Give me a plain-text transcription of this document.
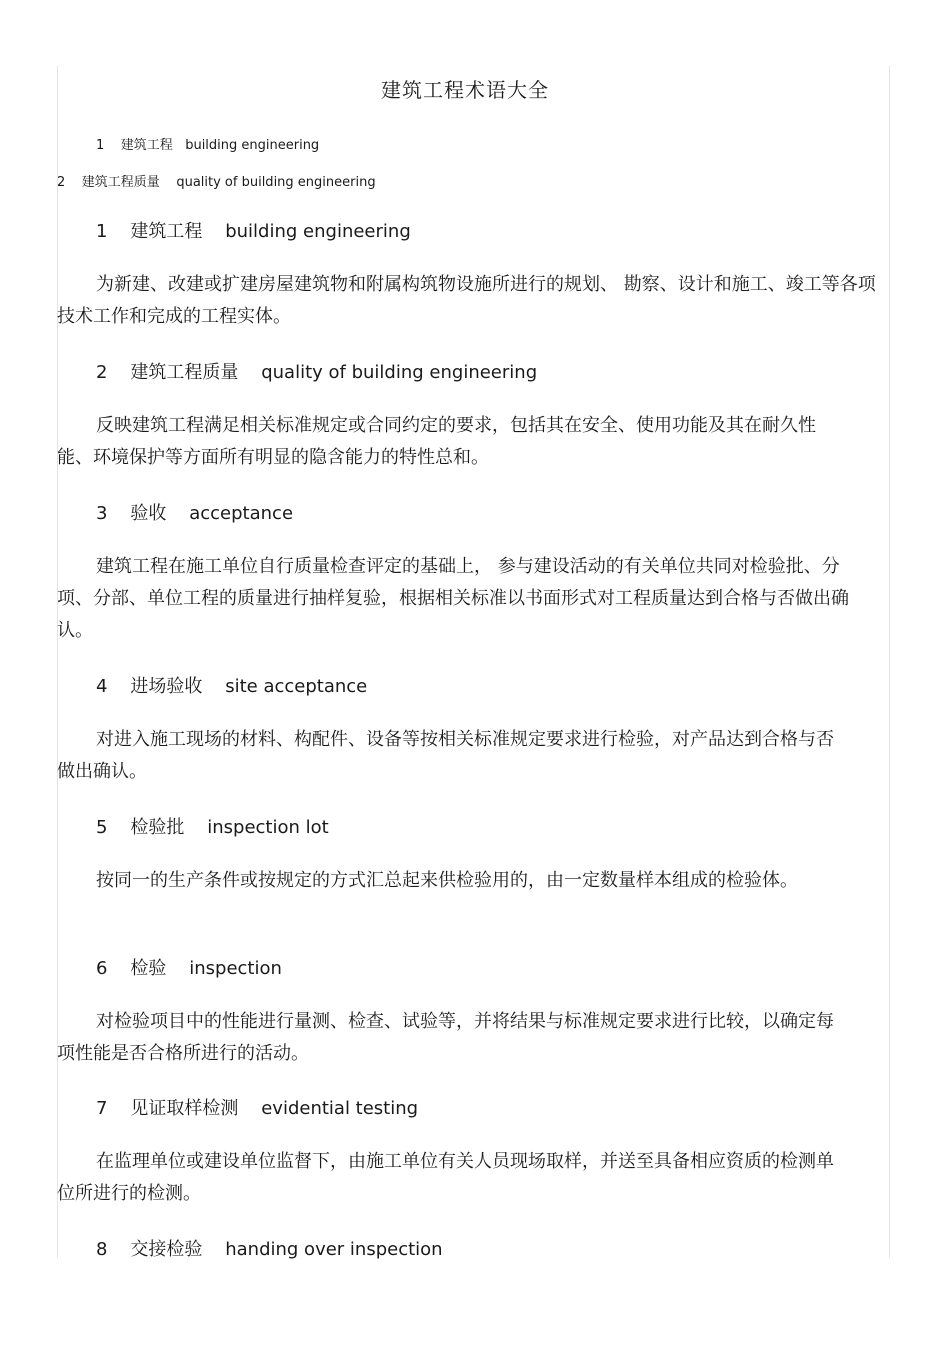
建筑工程术语大全
1    建筑工程   building engineering
2    建筑工程质量    quality of building engineering
1    建筑工程    building engineering

为新建、改建或扩建房屋建筑物和附属构筑物设施所进行的规划、 勘察、设计和施工、竣工等各项技术工作和完成的工程实体。

2    建筑工程质量    quality of building engineering

反映建筑工程满足相关标准规定或合同约定的要求，包括其在安全、使用功能及其在耐久性能、环境保护等方面所有明显的隐含能力的特性总和。

3    验收    acceptance

建筑工程在施工单位自行质量检查评定的基础上， 参与建设活动的有关单位共同对检验批、分项、分部、单位工程的质量进行抽样复验，根据相关标准以书面形式对工程质量达到合格与否做出确认。

4    进场验收    site acceptance

对进入施工现场的材料、构配件、设备等按相关标准规定要求进行检验，对产品达到合格与否做出确认。

5    检验批    inspection lot

按同一的生产条件或按规定的方式汇总起来供检验用的，由一定数量样本组成的检验体。

6    检验    inspection

对检验项目中的性能进行量测、检查、试验等，并将结果与标准规定要求进行比较，以确定每项性能是否合格所进行的活动。

7    见证取样检测    evidential testing

在监理单位或建设单位监督下，由施工单位有关人员现场取样，并送至具备相应资质的检测单位所进行的检测。

8    交接检验    handing over inspection
